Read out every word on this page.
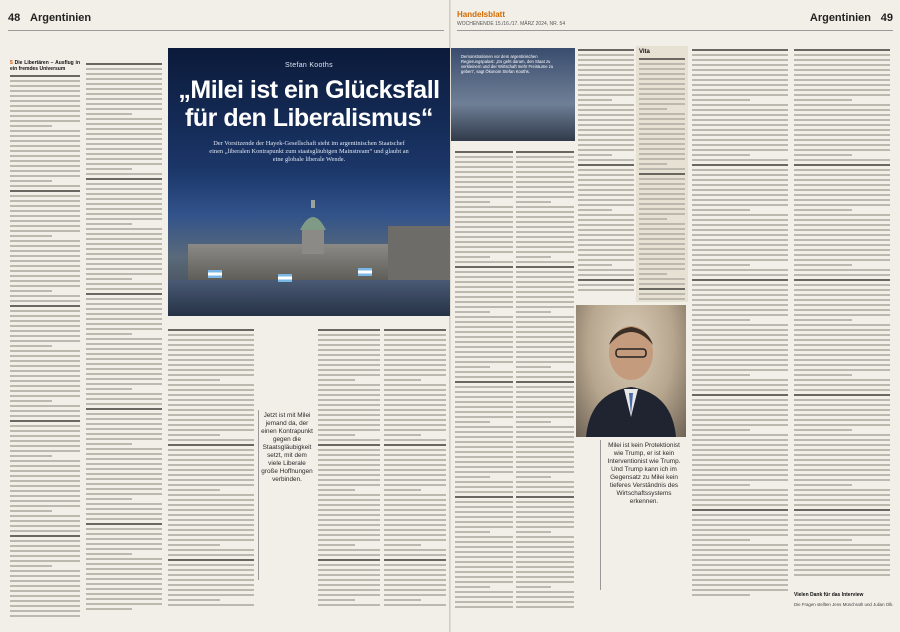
48 Argentinien	Handelsblatt
WOCHENENDE 15./16./17. MÄRZ 2024, NR. 54	Argentinien 49
5 Die Libertären – Ausflug in ein fremdes Universum	Stefan Kooths
„Milei ist ein Glücksfall für den Liberalismus“
Der Vorsitzende der Hayek-Gesellschaft sieht im argentinischen Staatschef einen „liberalen Kontrapunkt zum staatsgläubigen Mainstream“ und glaubt an eine globale liberale Wende.
Demonstrationen vor dem argentinischen Regierungspalast: „Es geht darum, den Staat zu verkleinern und der Wirtschaft mehr Freiräume zu geben“, sagt Ökonom Stefan Kooths.
Jetzt ist mit Milei jemand da, der einen Kontrapunkt gegen die Staatsgläubigkeit setzt, mit dem viele Liberale große Hoffnungen verbinden.
Vita
Milei ist kein Protektionist wie Trump, er ist kein Interventionist wie Trump. Und Trump kann ich im Gegensatz zu Milei kein tieferes Verständnis des Wirtschaftssystems erkennen.
Vielen Dank für das Interview
Die Fragen stellten Jens Münchrath und Julian Olk.
